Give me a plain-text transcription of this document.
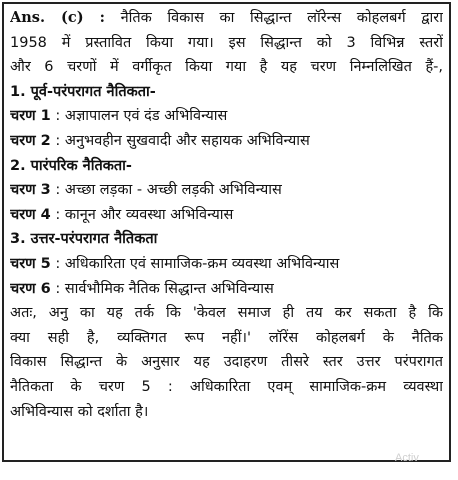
Ans. (c) : नैतिक विकास का सिद्धान्त लॉरेन्स कोहलबर्ग द्वारा
1958 में प्रस्तावित किया गया। इस सिद्धान्त को 3 विभिन्न स्तरों
और 6 चरणों में वर्गीकृत किया गया है यह चरण निम्नलिखित हैं-,
1. पूर्व-परंपरागत नैतिकता-
चरण 1 : अज्ञापालन एवं दंड अभिविन्यास
चरण 2 : अनुभवहीन सुखवादी और सहायक अभिविन्यास
2. पारंपरिक नैतिकता-
चरण 3 : अच्छा लड़का - अच्छी लड़की अभिविन्यास
चरण 4 : कानून और व्यवस्था अभिविन्यास
3. उत्तर-परंपरागत नैतिकता
चरण 5 : अधिकारिता एवं सामाजिक-क्रम व्यवस्था अभिविन्यास
चरण 6 : सार्वभौमिक नैतिक सिद्धान्त अभिविन्यास
अतः, अनु का यह तर्क कि 'केवल समाज ही तय कर सकता है कि
क्या सही है, व्यक्तिगत रूप नहीं।' लॉरेंस कोहलबर्ग के नैतिक
विकास सिद्धान्त के अनुसार यह उदाहरण तीसरे स्तर उत्तर परंपरागत
नैतिकता के चरण 5 : अधिकारिता एवम् सामाजिक-क्रम व्यवस्था
अभिविन्यास को दर्शाता है।
Activ
